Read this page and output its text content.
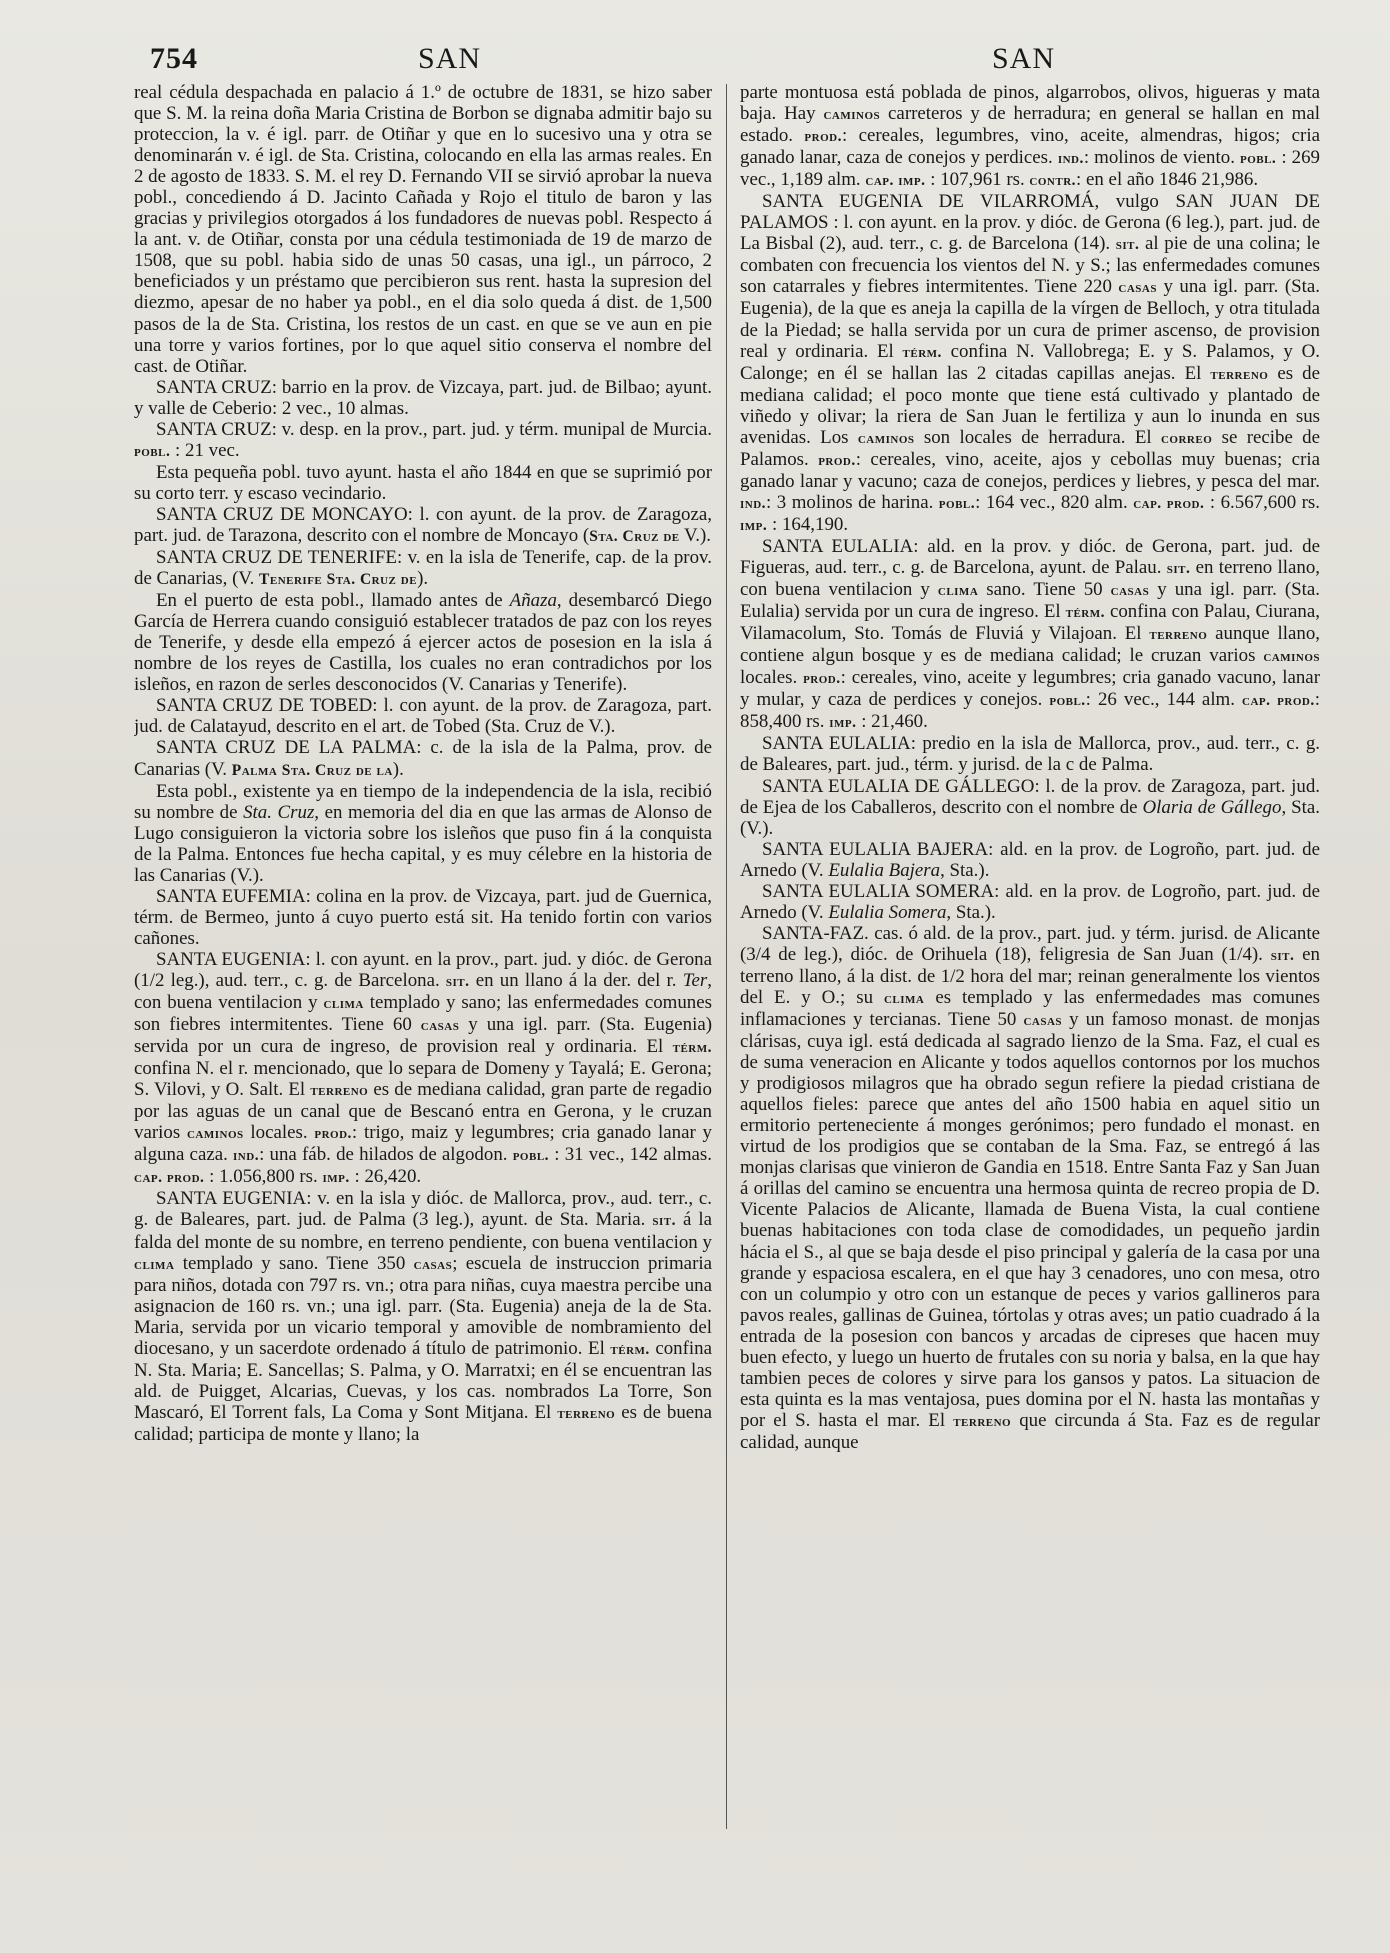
754	SAN	SAN

real cédula despachada en palacio á 1.º de octubre de 1831, se hizo saber que S. M. la reina doña Maria Cristina de Borbon se dignaba admitir bajo su proteccion, la v. é igl. parr. de Otiñar y que en lo sucesivo una y otra se denominarán v. é igl. de Sta. Cristina, colocando en ella las armas reales. En 2 de agosto de 1833. S. M. el rey D. Fernando VII se sirvió aprobar la nueva pobl., concediendo á D. Jacinto Cañada y Rojo el titulo de baron y las gracias y privilegios otorgados á los fundadores de nuevas pobl. Respecto á la ant. v. de Otiñar, consta por una cédula testimoniada de 19 de marzo de 1508, que su pobl. habia sido de unas 50 casas, una igl., un párroco, 2 beneficiados y un préstamo que percibieron sus rent. hasta la supresion del diezmo, apesar de no haber ya pobl., en el dia solo queda á dist. de 1,500 pasos de la de Sta. Cristina, los restos de un cast. en que se ve aun en pie una torre y varios fortines, por lo que aquel sitio conserva el nombre del cast. de Otiñar.

SANTA CRUZ: barrio en la prov. de Vizcaya, part. jud. de Bilbao; ayunt. y valle de Ceberio: 2 vec., 10 almas.

SANTA CRUZ: v. desp. en la prov., part. jud. y térm. munipal de Murcia. pobl. : 21 vec.

Esta pequeña pobl. tuvo ayunt. hasta el año 1844 en que se suprimió por su corto terr. y escaso vecindario.

SANTA CRUZ DE MONCAYO: l. con ayunt. de la prov. de Zaragoza, part. jud. de Tarazona, descrito con el nombre de Moncayo (Sta. Cruz de V.).

SANTA CRUZ DE TENERIFE: v. en la isla de Tenerife, cap. de la prov. de Canarias, (V. Tenerife Sta. Cruz de).

En el puerto de esta pobl., llamado antes de Añaza, desembarcó Diego García de Herrera cuando consiguió establecer tratados de paz con los reyes de Tenerife, y desde ella empezó á ejercer actos de posesion en la isla á nombre de los reyes de Castilla, los cuales no eran contradichos por los isleños, en razon de serles desconocidos (V. Canarias y Tenerife).

SANTA CRUZ DE TOBED: l. con ayunt. de la prov. de Zaragoza, part. jud. de Calatayud, descrito en el art. de Tobed (Sta. Cruz de V.).

SANTA CRUZ DE LA PALMA: c. de la isla de la Palma, prov. de Canarias (V. Palma Sta. Cruz de la).

Esta pobl., existente ya en tiempo de la independencia de la isla, recibió su nombre de Sta. Cruz, en memoria del dia en que las armas de Alonso de Lugo consiguieron la victoria sobre los isleños que puso fin á la conquista de la Palma. Entonces fue hecha capital, y es muy célebre en la historia de las Canarias (V.).

SANTA EUFEMIA: colina en la prov. de Vizcaya, part. jud de Guernica, térm. de Bermeo, junto á cuyo puerto está sit. Ha tenido fortin con varios cañones.

SANTA EUGENIA: l. con ayunt. en la prov., part. jud. y dióc. de Gerona (1/2 leg.), aud. terr., c. g. de Barcelona. sit. en un llano á la der. del r. Ter, con buena ventilacion y clima templado y sano; las enfermedades comunes son fiebres intermitentes. Tiene 60 casas y una igl. parr. (Sta. Eugenia) servida por un cura de ingreso, de provision real y ordinaria. El térm. confina N. el r. mencionado, que lo separa de Domeny y Tayalá; E. Gerona; S. Vilovi, y O. Salt. El terreno es de mediana calidad, gran parte de regadio por las aguas de un canal que de Bescanó entra en Gerona, y le cruzan varios caminos locales. prod.: trigo, maiz y legumbres; cria ganado lanar y alguna caza. ind.: una fáb. de hilados de algodon. pobl. : 31 vec., 142 almas. cap. prod. : 1.056,800 rs. imp. : 26,420.

SANTA EUGENIA: v. en la isla y dióc. de Mallorca, prov., aud. terr., c. g. de Baleares, part. jud. de Palma (3 leg.), ayunt. de Sta. Maria. sit. á la falda del monte de su nombre, en terreno pendiente, con buena ventilacion y clima templado y sano. Tiene 350 casas; escuela de instruccion primaria para niños, dotada con 797 rs. vn.; otra para niñas, cuya maestra percibe una asignacion de 160 rs. vn.; una igl. parr. (Sta. Eugenia) aneja de la de Sta. Maria, servida por un vicario temporal y amovible de nombramiento del diocesano, y un sacerdote ordenado á título de patrimonio. El térm. confina N. Sta. Maria; E. Sancellas; S. Palma, y O. Marratxi; en él se encuentran las ald. de Puigget, Alcarias, Cuevas, y los cas. nombrados La Torre, Son Mascaró, El Torrent fals, La Coma y Sont Mitjana. El terreno es de buena calidad; participa de monte y llano; la

parte montuosa está poblada de pinos, algarrobos, olivos, higueras y mata baja. Hay caminos carreteros y de herradura; en general se hallan en mal estado. prod.: cereales, legumbres, vino, aceite, almendras, higos; cria ganado lanar, caza de conejos y perdices. ind.: molinos de viento. pobl. : 269 vec., 1,189 alm. cap. imp. : 107,961 rs. contr.: en el año 1846 21,986.

SANTA EUGENIA DE VILARROMÁ, vulgo SAN JUAN DE PALAMOS : l. con ayunt. en la prov. y dióc. de Gerona (6 leg.), part. jud. de La Bisbal (2), aud. terr., c. g. de Barcelona (14). sit. al pie de una colina; le combaten con frecuencia los vientos del N. y S.; las enfermedades comunes son catarrales y fiebres intermitentes. Tiene 220 casas y una igl. parr. (Sta. Eugenia), de la que es aneja la capilla de la vírgen de Belloch, y otra titulada de la Piedad; se halla servida por un cura de primer ascenso, de provision real y ordinaria. El térm. confina N. Vallobrega; E. y S. Palamos, y O. Calonge; en él se hallan las 2 citadas capillas anejas. El terreno es de mediana calidad; el poco monte que tiene está cultivado y plantado de viñedo y olivar; la riera de San Juan le fertiliza y aun lo inunda en sus avenidas. Los caminos son locales de herradura. El correo se recibe de Palamos. prod.: cereales, vino, aceite, ajos y cebollas muy buenas; cria ganado lanar y vacuno; caza de conejos, perdices y liebres, y pesca del mar. ind.: 3 molinos de harina. pobl.: 164 vec., 820 alm. cap. prod. : 6.567,600 rs. imp. : 164,190.

SANTA EULALIA: ald. en la prov. y dióc. de Gerona, part. jud. de Figueras, aud. terr., c. g. de Barcelona, ayunt. de Palau. sit. en terreno llano, con buena ventilacion y clima sano. Tiene 50 casas y una igl. parr. (Sta. Eulalia) servida por un cura de ingreso. El térm. confina con Palau, Ciurana, Vilamacolum, Sto. Tomás de Fluviá y Vilajoan. El terreno aunque llano, contiene algun bosque y es de mediana calidad; le cruzan varios caminos locales. prod.: cereales, vino, aceite y legumbres; cria ganado vacuno, lanar y mular, y caza de perdices y conejos. pobl.: 26 vec., 144 alm. cap. prod.: 858,400 rs. imp. : 21,460.

SANTA EULALIA: predio en la isla de Mallorca, prov., aud. terr., c. g. de Baleares, part. jud., térm. y jurisd. de la c de Palma.

SANTA EULALIA DE GÁLLEGO: l. de la prov. de Zaragoza, part. jud. de Ejea de los Caballeros, descrito con el nombre de Olaria de Gállego, Sta. (V.).

SANTA EULALIA BAJERA: ald. en la prov. de Logroño, part. jud. de Arnedo (V. Eulalia Bajera, Sta.).

SANTA EULALIA SOMERA: ald. en la prov. de Logroño, part. jud. de Arnedo (V. Eulalia Somera, Sta.).

SANTA-FAZ. cas. ó ald. de la prov., part. jud. y térm. jurisd. de Alicante (3/4 de leg.), dióc. de Orihuela (18), feligresia de San Juan (1/4). sit. en terreno llano, á la dist. de 1/2 hora del mar; reinan generalmente los vientos del E. y O.; su clima es templado y las enfermedades mas comunes inflamaciones y tercianas. Tiene 50 casas y un famoso monast. de monjas clárisas, cuya igl. está dedicada al sagrado lienzo de la Sma. Faz, el cual es de suma veneracion en Alicante y todos aquellos contornos por los muchos y prodigiosos milagros que ha obrado segun refiere la piedad cristiana de aquellos fieles: parece que antes del año 1500 habia en aquel sitio un ermitorio perteneciente á monges gerónimos; pero fundado el monast. en virtud de los prodigios que se contaban de la Sma. Faz, se entregó á las monjas clarisas que vinieron de Gandia en 1518. Entre Santa Faz y San Juan á orillas del camino se encuentra una hermosa quinta de recreo propia de D. Vicente Palacios de Alicante, llamada de Buena Vista, la cual contiene buenas habitaciones con toda clase de comodidades, un pequeño jardin hácia el S., al que se baja desde el piso principal y galería de la casa por una grande y espaciosa escalera, en el que hay 3 cenadores, uno con mesa, otro con un columpio y otro con un estanque de peces y varios gallineros para pavos reales, gallinas de Guinea, tórtolas y otras aves; un patio cuadrado á la entrada de la posesion con bancos y arcadas de cipreses que hacen muy buen efecto, y luego un huerto de frutales con su noria y balsa, en la que hay tambien peces de colores y sirve para los gansos y patos. La situacion de esta quinta es la mas ventajosa, pues domina por el N. hasta las montañas y por el S. hasta el mar. El terreno que circunda á Sta. Faz es de regular calidad, aunque
